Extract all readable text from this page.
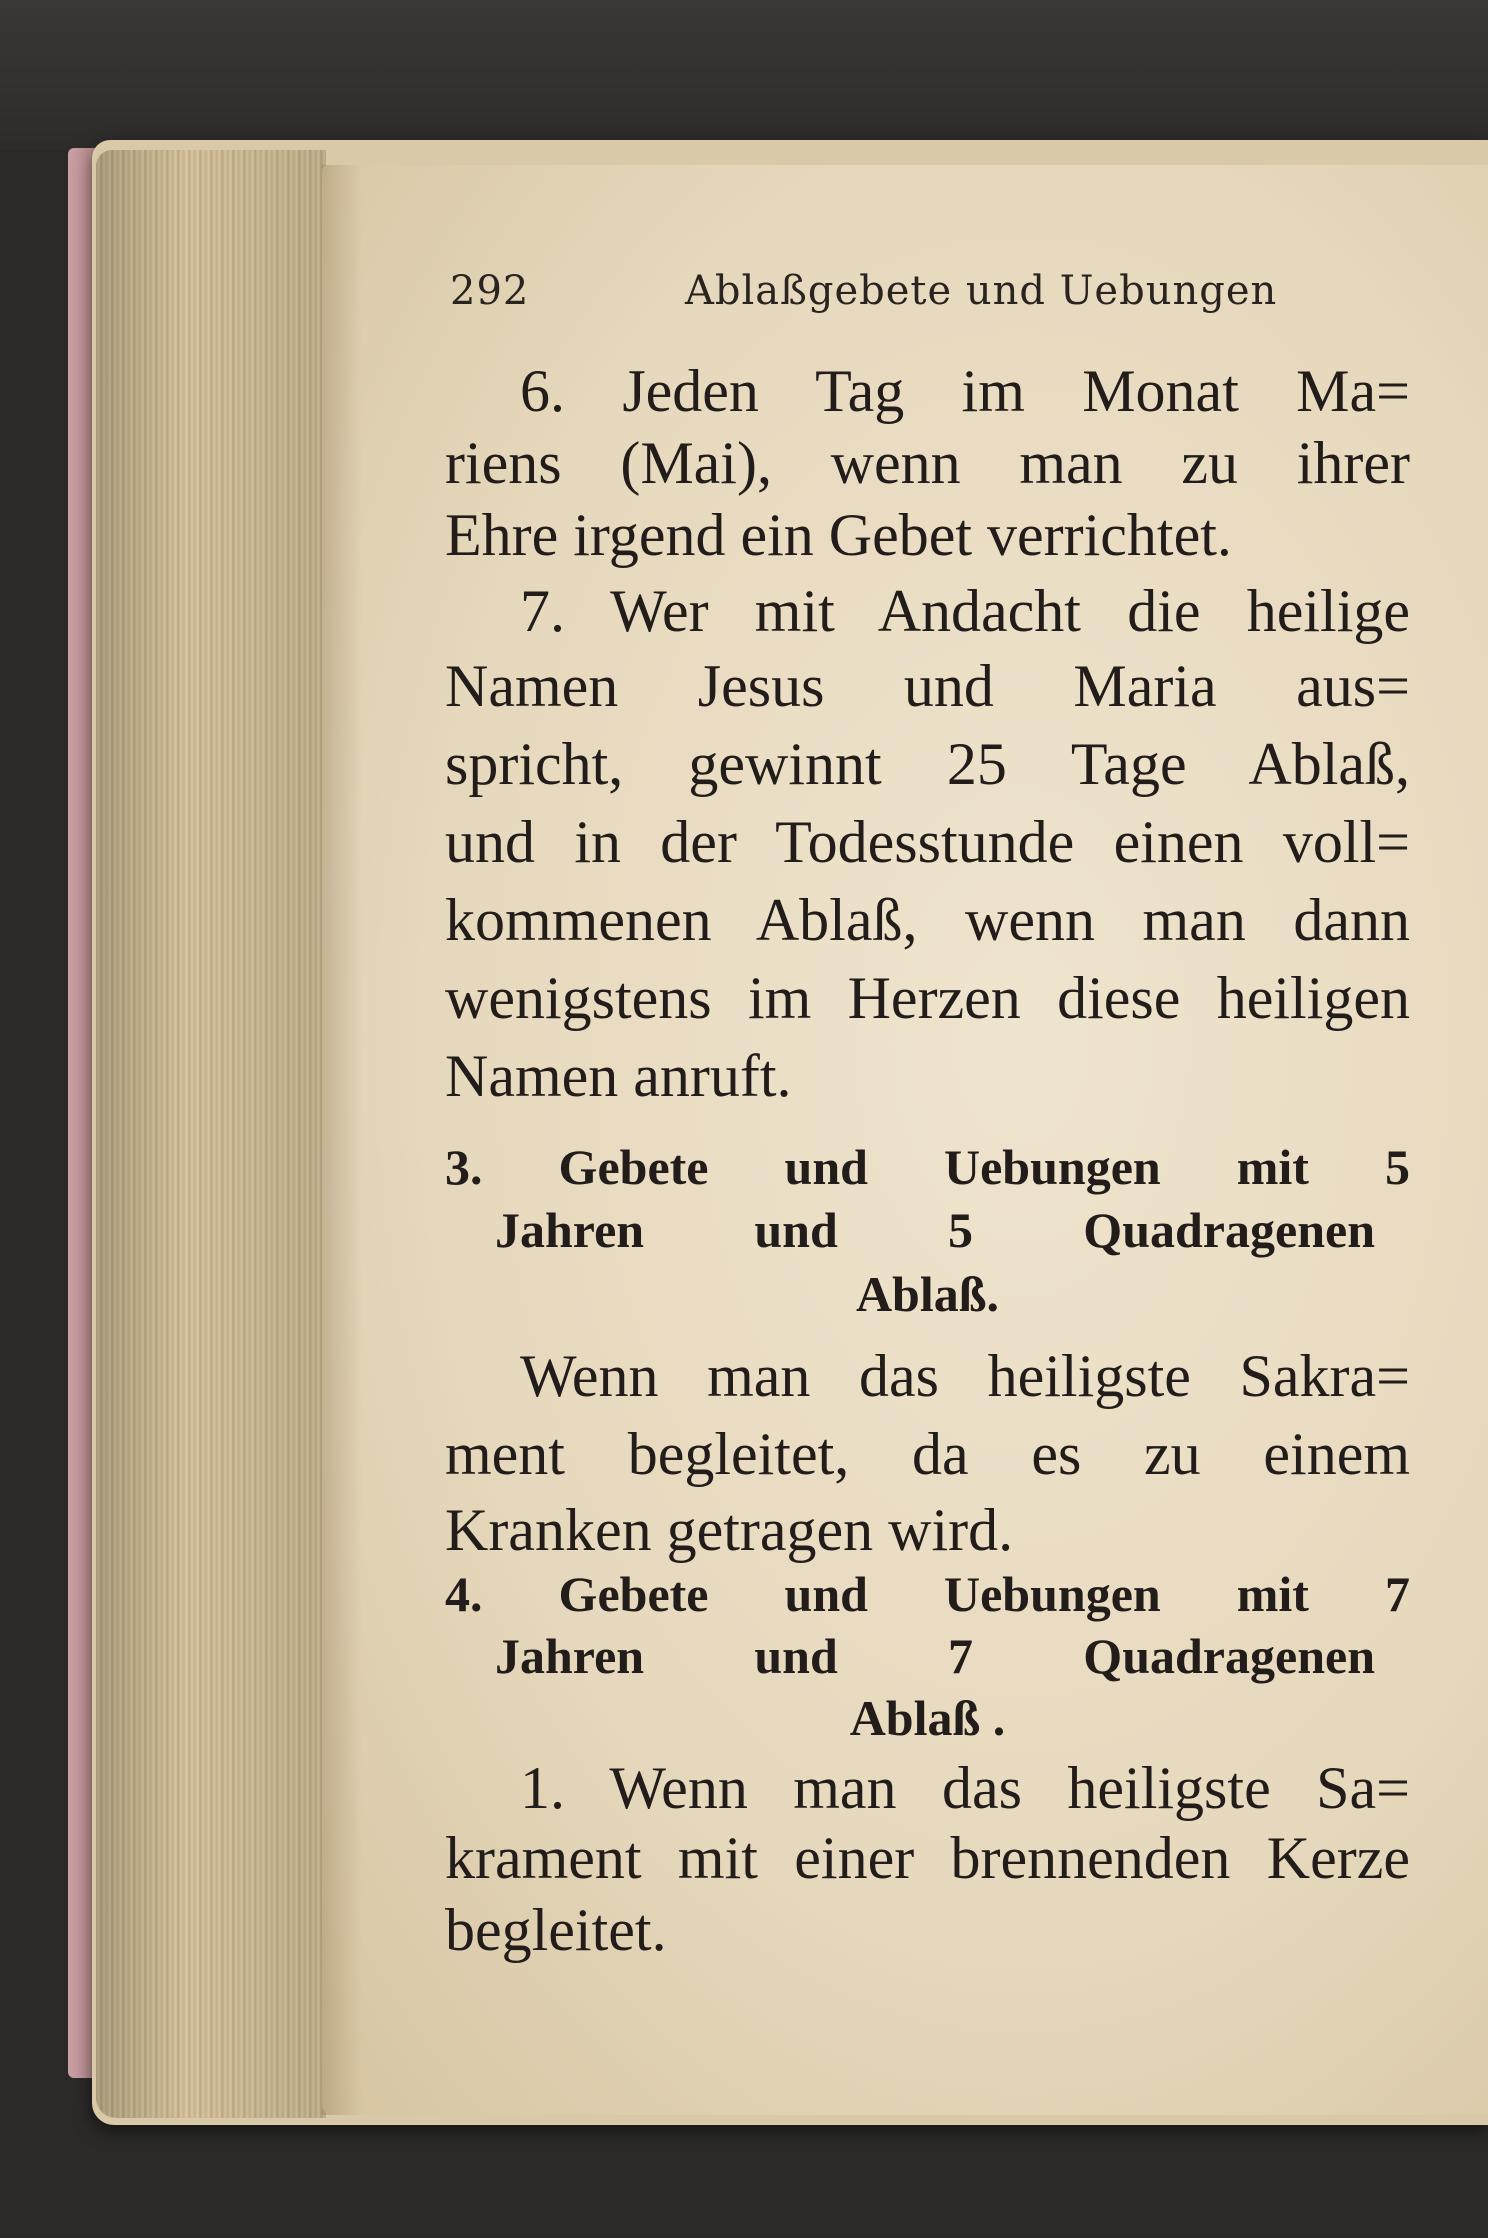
292	Ablaßgebete und Uebungen
6. Jeden Tag im Monat Ma=
riens (Mai), wenn man zu ihrer
Ehre irgend ein Gebet verrichtet.
7. Wer mit Andacht die heilige
Namen Jesus und Maria aus=
spricht, gewinnt 25 Tage Ablaß,
und in der Todesstunde einen voll=
kommenen Ablaß, wenn man dann
wenigstens im Herzen diese heiligen
Namen anruft.
3. Gebete und Uebungen mit 5
Jahren und 5 Quadragenen
Ablaß.
Wenn man das heiligste Sakra=
ment begleitet, da es zu einem
Kranken getragen wird.
4. Gebete und Uebungen mit 7
Jahren und 7 Quadragenen
Ablaß .
1. Wenn man das heiligste Sa=
krament mit einer brennenden Kerze
begleitet.
